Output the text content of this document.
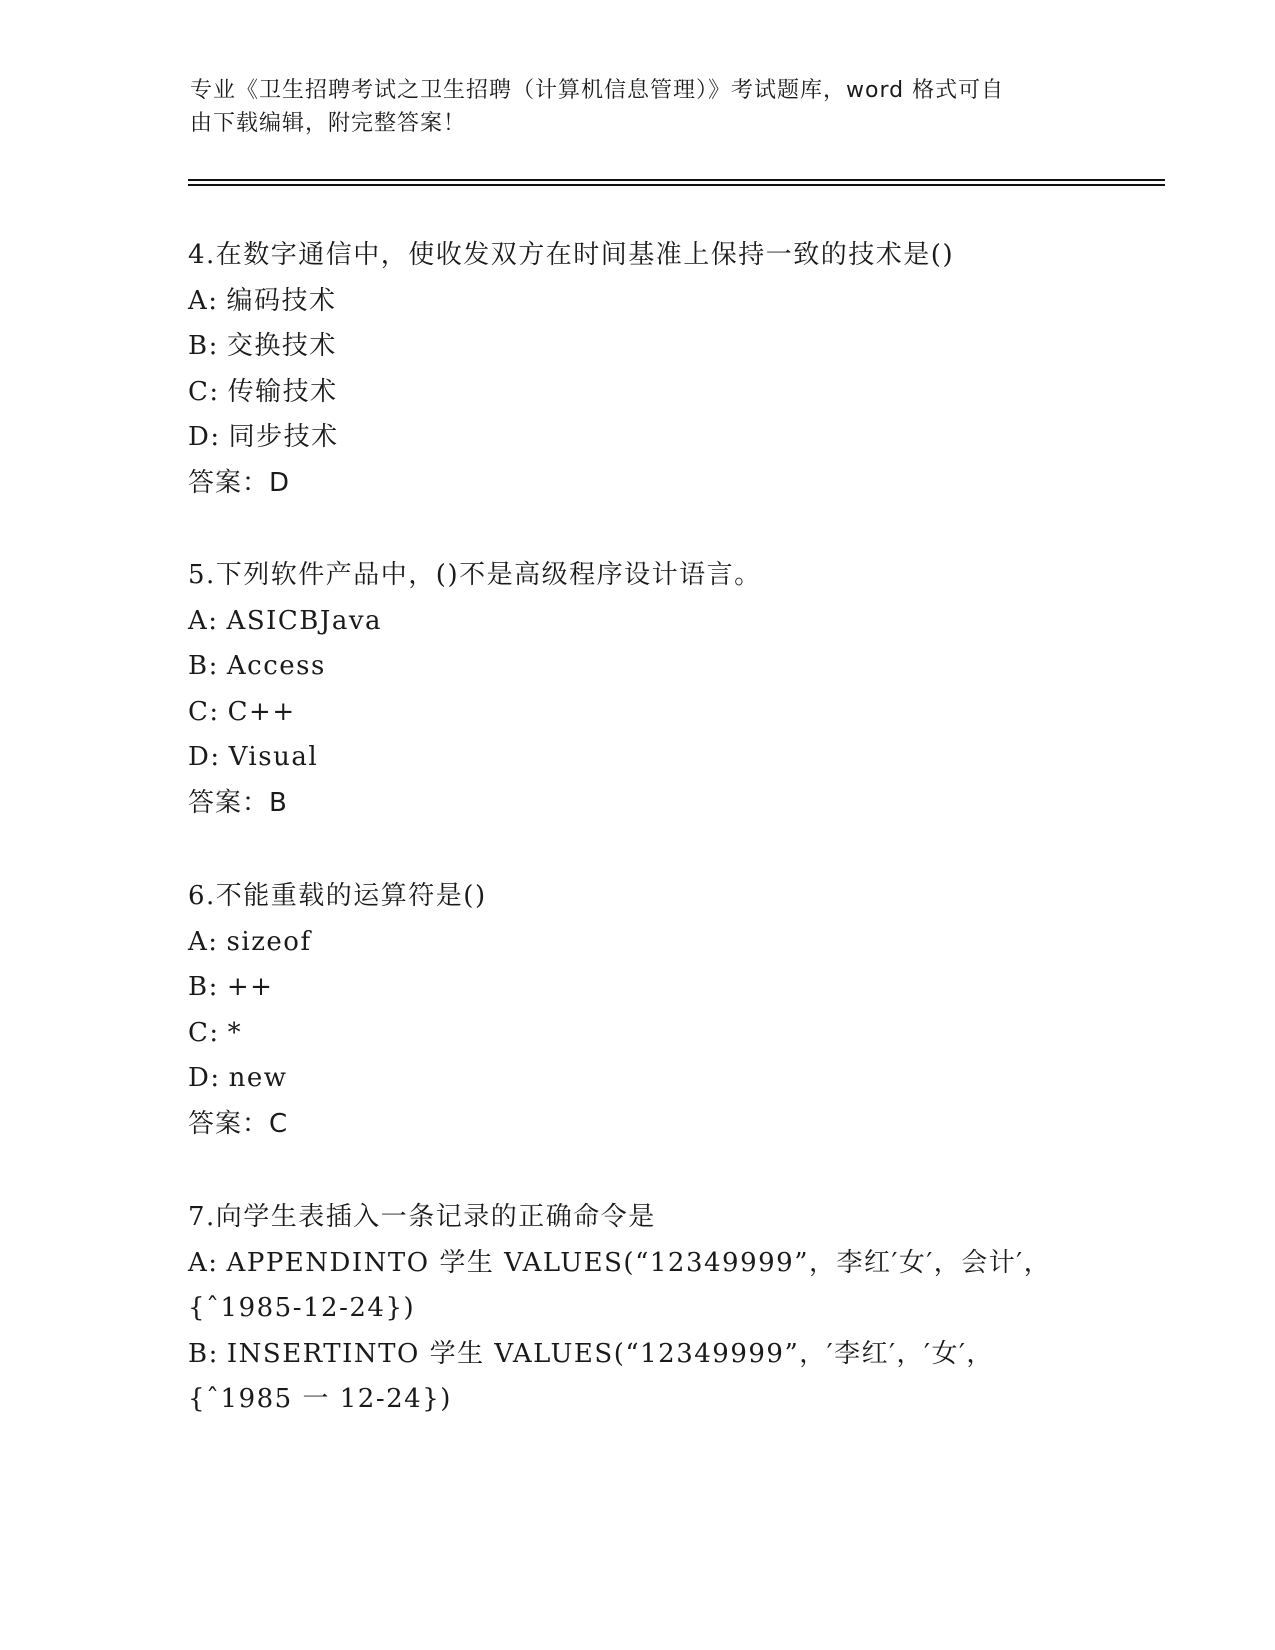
专业《卫生招聘考试之卫生招聘（计算机信息管理）》考试题库，word 格式可自
由下载编辑，附完整答案！
4.在数字通信中，使收发双方在时间基准上保持一致的技术是()
A: 编码技术
B: 交换技术
C: 传输技术
D: 同步技术
答案：D
5.下列软件产品中，()不是高级程序设计语言。
A: ASICBJava
B: Access
C: C++
D: Visual
答案：B
6.不能重载的运算符是()
A: sizeof
B: ++
C: *
D: new
答案：C
7.向学生表插入一条记录的正确命令是
A: APPENDINTO 学生 VALUES(“12349999”，李红′女′，会计′，
{ˆ1985-12-24})
B: INSERTINTO 学生 VALUES(“12349999”，′李红′，′女′，
{ˆ1985 一 12-24})
